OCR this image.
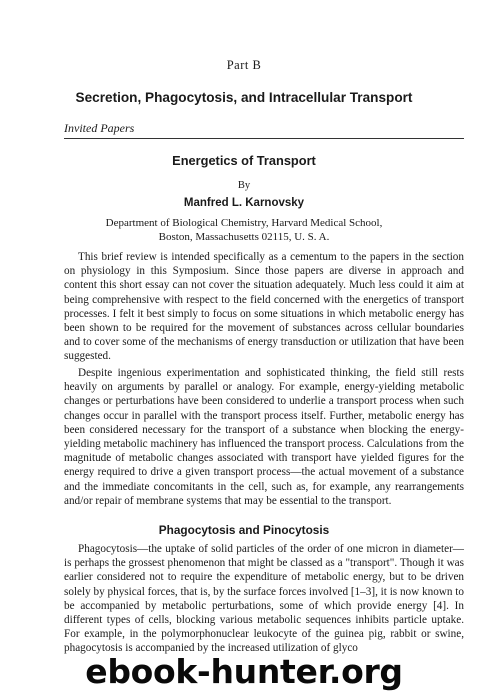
Part B
Secretion, Phagocytosis, and Intracellular Transport
Invited Papers
Energetics of Transport
By
Manfred L. Karnovsky
Department of Biological Chemistry, Harvard Medical School,
Boston, Massachusetts 02115, U. S. A.

This brief review is intended specifically as a cementum to the papers in the section on physiology in this Symposium. Since those papers are diverse in approach and content this short essay can not cover the situation adequately. Much less could it aim at being comprehensive with respect to the field concerned with the energetics of transport processes. I felt it best simply to focus on some situations in which metabolic energy has been shown to be required for the movement of substances across cellular boundaries and to cover some of the mechanisms of energy transduction or utilization that have been suggested.

Despite ingenious experimentation and sophisticated thinking, the field still rests heavily on arguments by parallel or analogy. For example, energy-yielding metabolic changes or perturbations have been considered to underlie a transport process when such changes occur in parallel with the transport process itself. Further, metabolic energy has been considered necessary for the transport of a substance when blocking the energy-yielding metabolic machinery has influenced the transport process. Calculations from the magnitude of metabolic changes associated with transport have yielded figures for the energy required to drive a given transport process—the actual movement of a substance and the immediate concomitants in the cell, such as, for example, any rearrangements and/or repair of membrane systems that may be essential to the transport.

Phagocytosis and Pinocytosis

Phagocytosis—the uptake of solid particles of the order of one micron in diameter—is perhaps the grossest phenomenon that might be classed as a "transport". Though it was earlier considered not to require the expenditure of metabolic energy, but to be driven solely by physical forces, that is, by the surface forces involved [1–3], it is now known to be accompanied by metabolic perturbations, some of which provide energy [4]. In different types of cells, blocking various metabolic sequences inhibits particle uptake. For example, in the polymorphonuclear leukocyte of the guinea pig, rabbit or swine, phagocytosis is accompanied by the increased utilization of glyco

ebook-hunter.org
